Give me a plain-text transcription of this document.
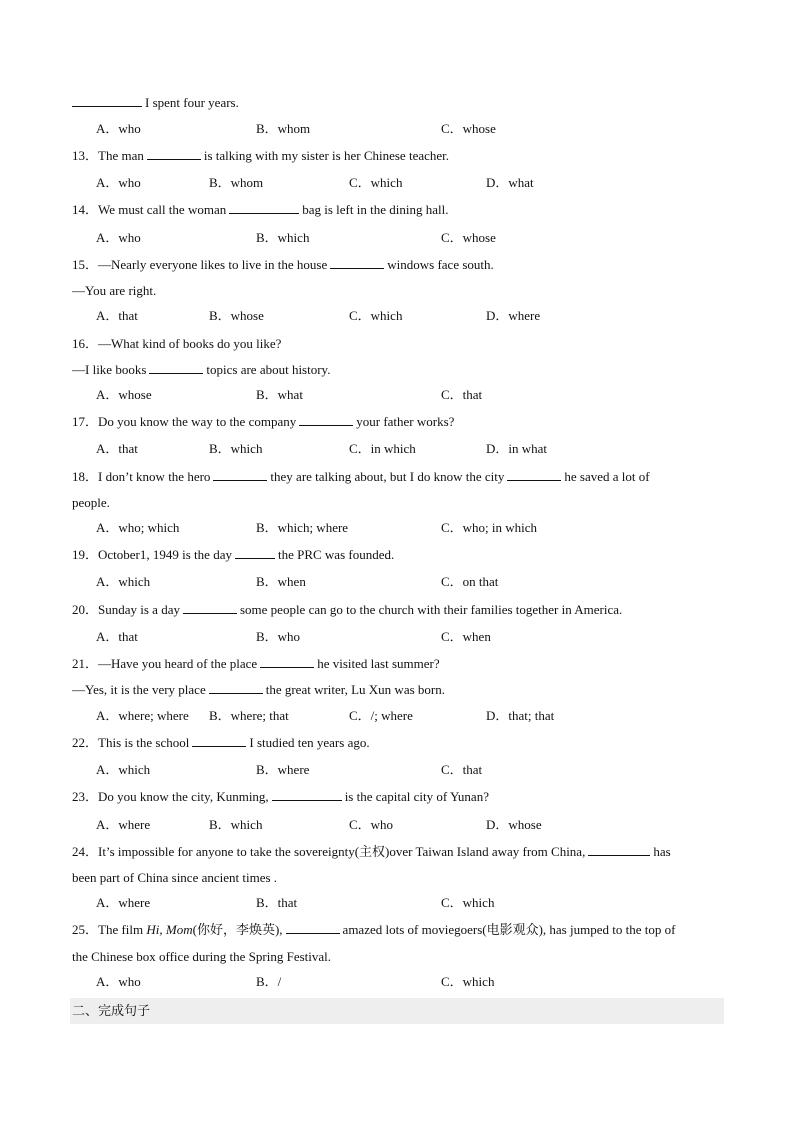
I spent four years.
A．who	B．whom	C．whose
13．The man	is talking with my sister is her Chinese teacher.
A．who	B．whom	C．which	D．what
14．We must call the woman	bag is left in the dining hall.
A．who	B．which	C．whose
15．—Nearly everyone likes to live in the house	windows face south.
—You are right.
A．that	B．whose	C．which	D．where
16．—What kind of books do you like?
—I like books	topics are about history.
A．whose	B．what	C．that
17．Do you know the way to the company	your father works?
A．that	B．which	C．in which	D．in what
18．I don’t know the hero	they are talking about, but I do know the city	he saved a lot of
people.
A．who; which	B．which; where	C．who; in which
19．October1, 1949 is the day	the PRC was founded.
A．which	B．when	C．on that
20．Sunday is a day	some people can go to the church with their families together in America.
A．that	B．who	C．when
21．—Have you heard of the place	he visited last summer?
—Yes, it is the very place	the great writer, Lu Xun was born.
A．where; where B．where; that	C．/; where	D．that; that
22．This is the school	I studied ten years ago.
A．which	B．where	C．that
23．Do you know the city, Kunming,	is the capital city of Yunan?
A．where	B．which	C．who	D．whose
24．It’s impossible for anyone to take the sovereignty(主权)over Taiwan Island away from China,	has
been part of China since ancient times .
A．where	B．that	C．which
25．The film Hi, Mom(你好，李焕英),	amazed lots of moviegoers(电影观众), has jumped to the top of
the Chinese box office during the Spring Festival.
A．who	B．/	C．which
二、完成句子
